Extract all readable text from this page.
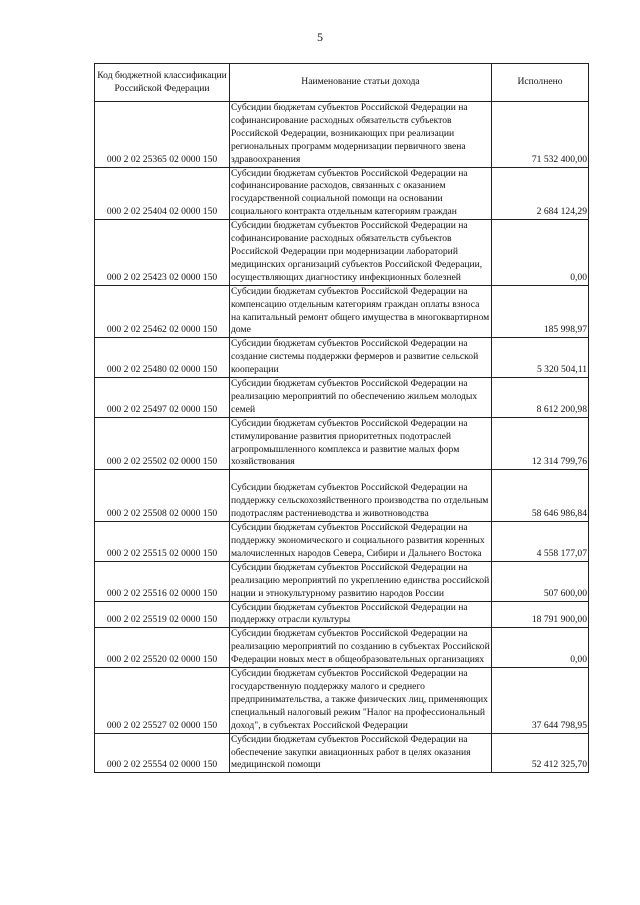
5
Код бюджетной классификации Российской Федерации	Наименование статьи дохода	Исполнено
000 2 02 25365 02 0000 150	Субсидии бюджетам субъектов Российской Федерации на софинансирование расходных обязательств субъектов Российской Федерации, возникающих при реализации региональных программ модернизации первичного звена здравоохранения	71 532 400,00
000 2 02 25404 02 0000 150	Субсидии бюджетам субъектов Российской Федерации на софинансирование расходов, связанных с оказанием государственной социальной помощи на основании социального контракта отдельным категориям граждан	2 684 124,29
000 2 02 25423 02 0000 150	Субсидии бюджетам субъектов Российской Федерации на софинансирование расходных обязательств субъектов Российской Федерации при модернизации лабораторий медицинских организаций субъектов Российской Федерации, осуществляющих диагностику инфекционных болезней	0,00
000 2 02 25462 02 0000 150	Субсидии бюджетам субъектов Российской Федерации на компенсацию отдельным категориям граждан оплаты взноса на капитальный ремонт общего имущества в многоквартирном доме	185 998,97
000 2 02 25480 02 0000 150	Субсидии бюджетам субъектов Российской Федерации на создание системы поддержки фермеров и развитие сельской кооперации	5 320 504,11
000 2 02 25497 02 0000 150	Субсидии бюджетам субъектов Российской Федерации на реализацию мероприятий по обеспечению жильем молодых семей	8 612 200,98
000 2 02 25502 02 0000 150	Субсидии бюджетам субъектов Российской Федерации на стимулирование развития приоритетных подотраслей агропромышленного комплекса и развитие малых форм хозяйствования	12 314 799,76
000 2 02 25508 02 0000 150	Субсидии бюджетам субъектов Российской Федерации на поддержку сельскохозяйственного производства по отдельным подотраслям растениеводства и животноводства	58 646 986,84
000 2 02 25515 02 0000 150	Субсидии бюджетам субъектов Российской Федерации на поддержку экономического и социального развития коренных малочисленных народов Севера, Сибири и Дальнего Востока	4 558 177,07
000 2 02 25516 02 0000 150	Субсидии бюджетам субъектов Российской Федерации на реализацию мероприятий по укреплению единства российской нации и этнокультурному развитию народов России	507 600,00
000 2 02 25519 02 0000 150	Субсидии бюджетам субъектов Российской Федерации на поддержку отрасли культуры	18 791 900,00
000 2 02 25520 02 0000 150	Субсидии бюджетам субъектов Российской Федерации на реализацию мероприятий по созданию в субъектах Российской Федерации новых мест в общеобразовательных организациях	0,00
000 2 02 25527 02 0000 150	Субсидии бюджетам субъектов Российской Федерации на государственную поддержку малого и среднего предпринимательства, а также физических лиц, применяющих специальный налоговый режим "Налог на профессиональный доход", в субъектах Российской Федерации	37 644 798,95
000 2 02 25554 02 0000 150	Субсидии бюджетам субъектов Российской Федерации на обеспечение закупки авиационных работ в целях оказания медицинской помощи	52 412 325,70
